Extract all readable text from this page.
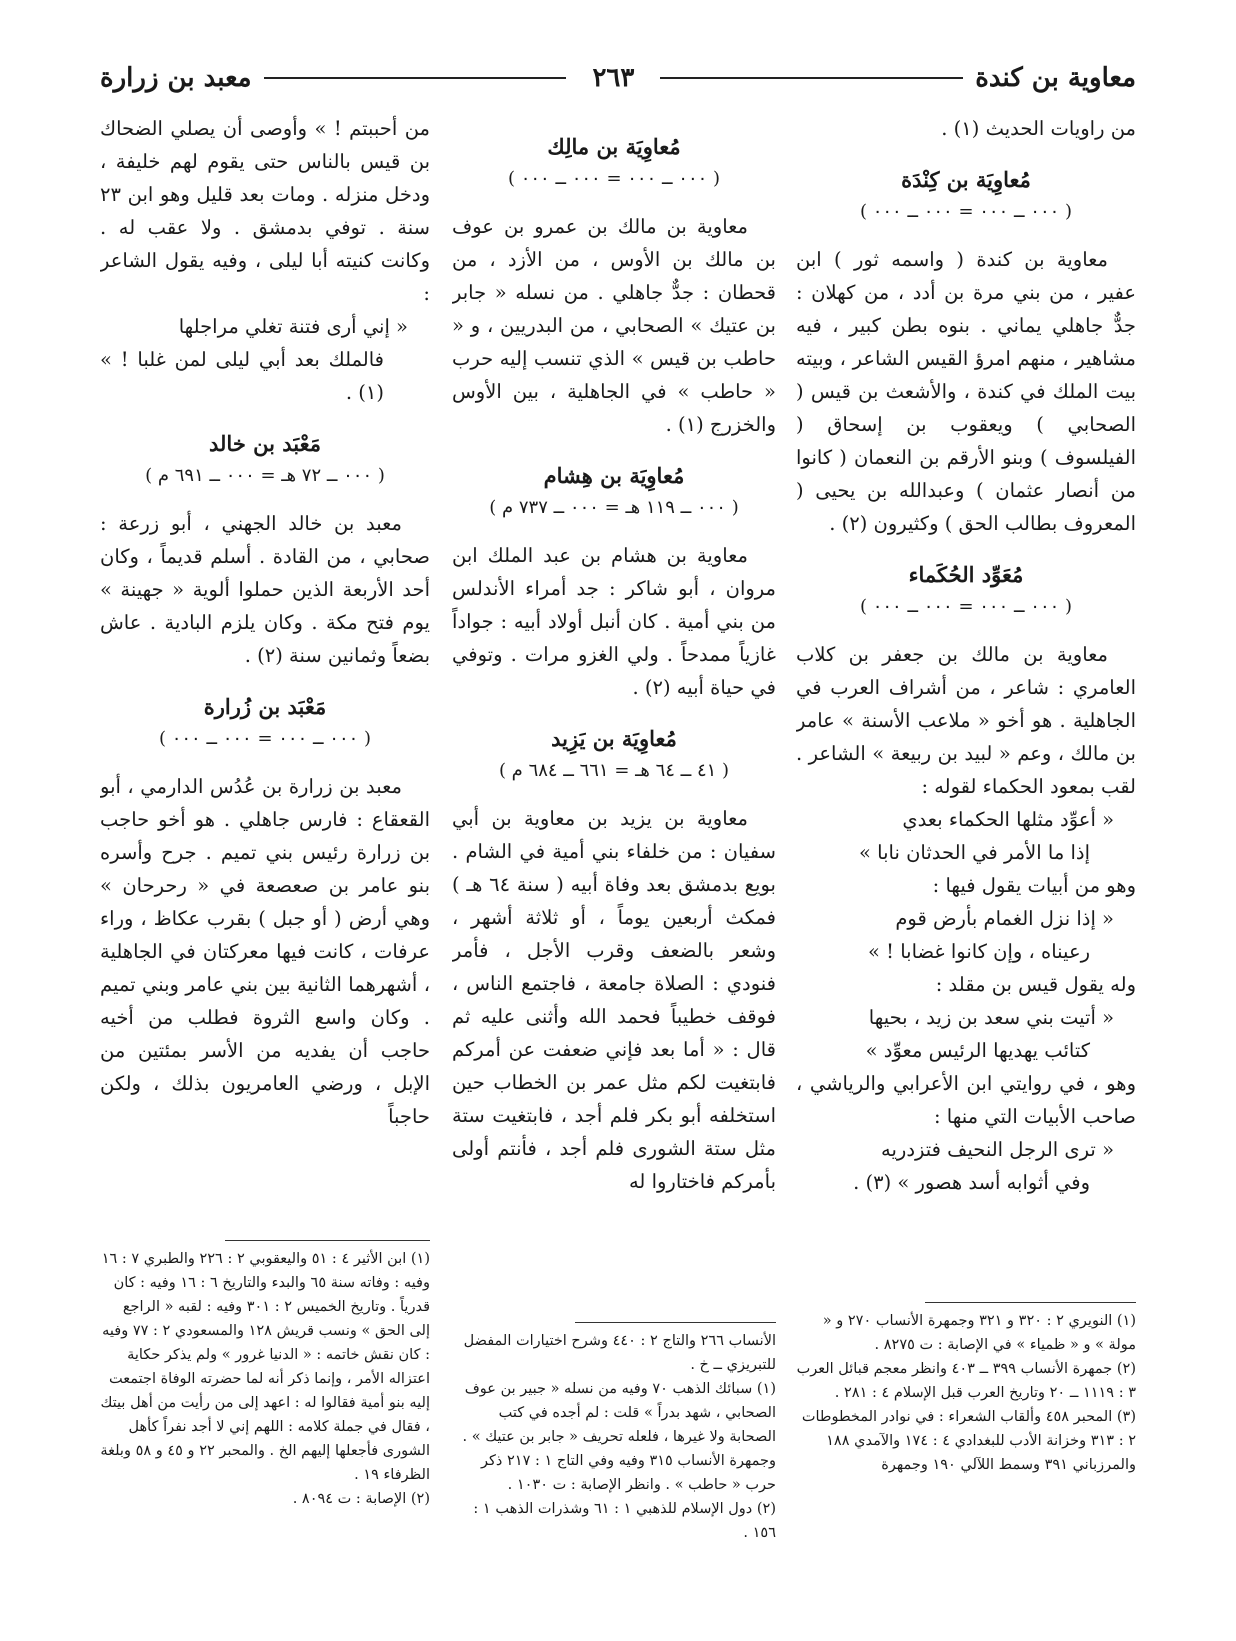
معاوية بن كندة
٢٦٣
معبد بن زرارة

من راويات الحديث (١) .

مُعاوِيَة بن كِنْدَة
( ٠٠٠ ــ ٠٠٠ = ٠٠٠ ــ ٠٠٠ )

معاوية بن كندة ( واسمه ثور ) ابن عفير ، من بني مرة بن أدد ، من كهلان : جدٌّ جاهلي يماني . بنوه بطن كبير ، فيه مشاهير ، منهم امرؤ القيس الشاعر ، وبيته بيت الملك في كندة ، والأشعث بن قيس ( الصحابي ) ويعقوب بن إسحاق ( الفيلسوف ) وبنو الأرقم بن النعمان ( كانوا من أنصار عثمان ) وعبدالله بن يحيى ( المعروف بطالب الحق ) وكثيرون (٢) .

مُعَوِّد الحُكَماء
( ٠٠٠ ــ ٠٠٠ = ٠٠٠ ــ ٠٠٠ )

معاوية بن مالك بن جعفر بن كلاب العامري : شاعر ، من أشراف العرب في الجاهلية . هو أخو « ملاعب الأسنة » عامر بن مالك ، وعم « لبيد بن ربيعة » الشاعر . لقب بمعود الحكماء لقوله :

« أعوِّد مثلها الحكماء بعدي

إذا ما الأمر في الحدثان نابا »

وهو من أبيات يقول فيها :

« إذا نزل الغمام بأرض قوم

رعيناه ، وإن كانوا غضابا ! »

وله يقول قيس بن مقلد :

« أتيت بني سعد بن زيد ، بحيها

كتائب يهديها الرئيس معوِّد »

وهو ، في روايتي ابن الأعرابي والرياشي ، صاحب الأبيات التي منها :

« ترى الرجل النحيف فتزدريه

وفي أثوابه أسد هصور » (٣) .

مُعاوِيَة بن مالِك
( ٠٠٠ ــ ٠٠٠ = ٠٠٠ ــ ٠٠٠ )

معاوية بن مالك بن عمرو بن عوف بن مالك بن الأوس ، من الأزد ، من قحطان : جدٌّ جاهلي . من نسله « جابر بن عتيك » الصحابي ، من البدريين ، و « حاطب بن قيس » الذي تنسب إليه حرب « حاطب » في الجاهلية ، بين الأوس والخزرج (١) .

مُعاوِيَة بن هِشام
( ٠٠٠ ــ ١١٩ هـ = ٠٠٠ ــ ٧٣٧ م )

معاوية بن هشام بن عبد الملك ابن مروان ، أبو شاكر : جد أمراء الأندلس من بني أمية . كان أنبل أولاد أبيه : جواداً غازياً ممدحاً . ولي الغزو مرات . وتوفي في حياة أبيه (٢) .

مُعاوِيَة بن يَزِيد
( ٤١ ــ ٦٤ هـ = ٦٦١ ــ ٦٨٤ م )

معاوية بن يزيد بن معاوية بن أبي سفيان : من خلفاء بني أمية في الشام . بويع بدمشق بعد وفاة أبيه ( سنة ٦٤ هـ ) فمكث أربعين يوماً ، أو ثلاثة أشهر ، وشعر بالضعف وقرب الأجل ، فأمر فنودي : الصلاة جامعة ، فاجتمع الناس ، فوقف خطيباً فحمد الله وأثنى عليه ثم قال : « أما بعد فإني ضعفت عن أمركم فابتغيت لكم مثل عمر بن الخطاب حين استخلفه أبو بكر فلم أجد ، فابتغيت ستة مثل ستة الشورى فلم أجد ، فأنتم أولى بأمركم فاختاروا له

من أحببتم ! » وأوصى أن يصلي الضحاك بن قيس بالناس حتى يقوم لهم خليفة ، ودخل منزله . ومات بعد قليل وهو ابن ٢٣ سنة . توفي بدمشق . ولا عقب له . وكانت كنيته أبا ليلى ، وفيه يقول الشاعر :

« إني أرى فتنة تغلي مراجلها

فالملك بعد أبي ليلى لمن غلبا ! » (١) .

مَعْبَد بن خالد
( ٠٠٠ ــ ٧٢ هـ = ٠٠٠ ــ ٦٩١ م )

معبد بن خالد الجهني ، أبو زرعة : صحابي ، من القادة . أسلم قديماً ، وكان أحد الأربعة الذين حملوا ألوية « جهينة » يوم فتح مكة . وكان يلزم البادية . عاش بضعاً وثمانين سنة (٢) .

مَعْبَد بن زُرارة
( ٠٠٠ ــ ٠٠٠ = ٠٠٠ ــ ٠٠٠ )

معبد بن زرارة بن عُدُس الدارمي ، أبو القعقاع : فارس جاهلي . هو أخو حاجب بن زرارة رئيس بني تميم . جرح وأسره بنو عامر بن صعصعة في « رحرحان » وهي أرض ( أو جبل ) بقرب عكاظ ، وراء عرفات ، كانت فيها معركتان في الجاهلية ، أشهرهما الثانية بين بني عامر وبني تميم . وكان واسع الثروة فطلب من أخيه حاجب أن يفديه من الأسر بمئتين من الإبل ، ورضي العامريون بذلك ، ولكن حاجباً

(١) النويري ٢ : ٣٢٠ و ٣٢١ وجمهرة الأنساب ٢٧٠ و « مولة » و « ظمياء » في الإصابة : ت ٨٢٧٥ .

(٢) جمهرة الأنساب ٣٩٩ ــ ٤٠٣ وانظر معجم قبائل العرب ٣ : ١١١٩ ــ ٢٠ وتاريخ العرب قبل الإسلام ٤ : ٢٨١ .

(٣) المحبر ٤٥٨ وألقاب الشعراء : في نوادر المخطوطات ٢ : ٣١٣ وخزانة الأدب للبغدادي ٤ : ١٧٤ والآمدي ١٨٨ والمرزباني ٣٩١ وسمط اللآلي ١٩٠ وجمهرة

الأنساب ٢٦٦ والتاج ٢ : ٤٤٠ وشرح اختيارات المفضل للتبريزي ــ خ .

(١) سبائك الذهب ٧٠ وفيه من نسله « جبير بن عوف الصحابي ، شهد بدراً » قلت : لم أجده في كتب الصحابة ولا غيرها ، فلعله تحريف « جابر بن عتيك » . وجمهرة الأنساب ٣١٥ وفيه وفي التاج ١ : ٢١٧ ذكر حرب « حاطب » . وانظر الإصابة : ت ١٠٣٠ .

(٢) دول الإسلام للذهبي ١ : ٦١ وشذرات الذهب ١ : ١٥٦ .

(١) ابن الأثير ٤ : ٥١ واليعقوبي ٢ : ٢٢٦ والطبري ٧ : ١٦ وفيه : وفاته سنة ٦٥ والبدء والتاريخ ٦ : ١٦ وفيه : كان قدرياً . وتاريخ الخميس ٢ : ٣٠١ وفيه : لقبه « الراجع إلى الحق » ونسب قريش ١٢٨ والمسعودي ٢ : ٧٧ وفيه : كان نقش خاتمه : « الدنيا غرور » ولم يذكر حكاية اعتزاله الأمر ، وإنما ذكر أنه لما حضرته الوفاة اجتمعت إليه بنو أمية فقالوا له : اعهد إلى من رأيت من أهل بيتك ، فقال في جملة كلامه : اللهم إني لا أجد نفراً كأهل الشورى فأجعلها إليهم الخ . والمحبر ٢٢ و ٤٥ و ٥٨ وبلغة الظرفاء ١٩ .

(٢) الإصابة : ت ٨٠٩٤ .
